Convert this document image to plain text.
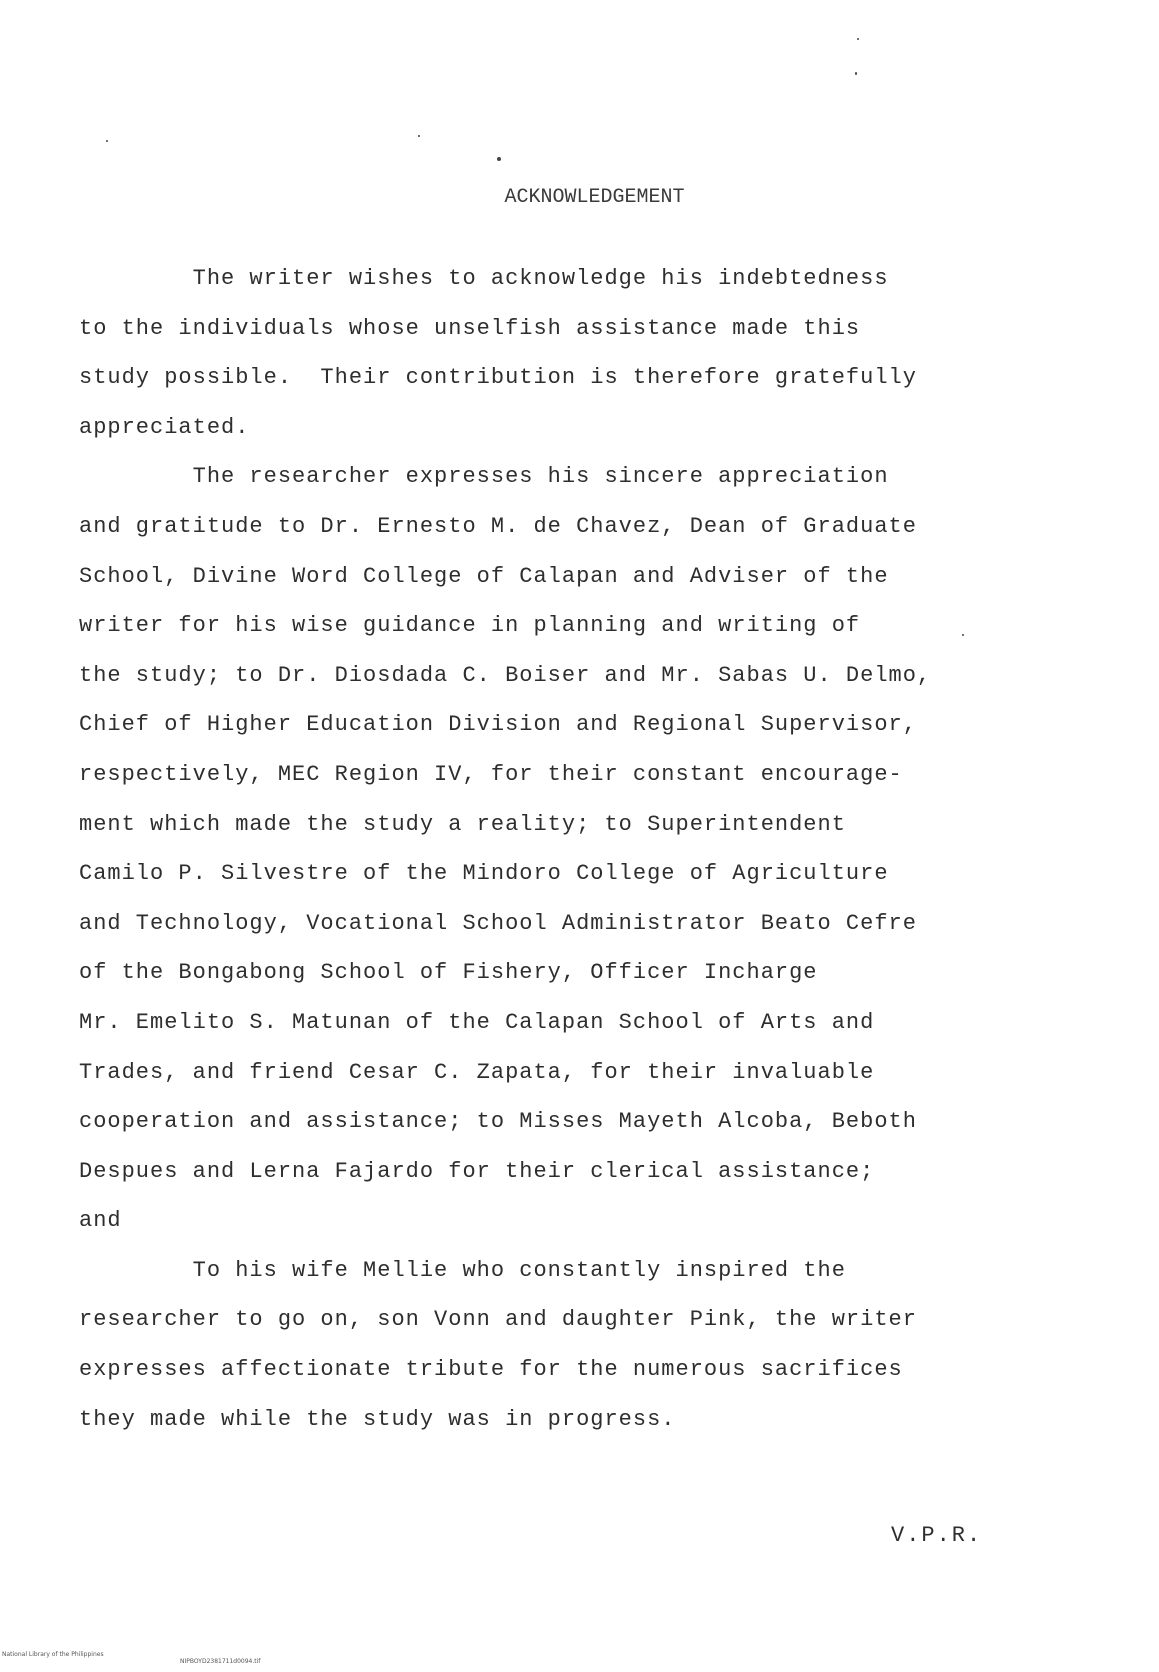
ACKNOWLEDGEMENT
The writer wishes to acknowledge his indebtedness
to the individuals whose unselfish assistance made this
study possible.  Their contribution is therefore gratefully
appreciated.
The researcher expresses his sincere appreciation
and gratitude to Dr. Ernesto M. de Chavez, Dean of Graduate
School, Divine Word College of Calapan and Adviser of the
writer for his wise guidance in planning and writing of
the study; to Dr. Diosdada C. Boiser and Mr. Sabas U. Delmo,
Chief of Higher Education Division and Regional Supervisor,
respectively, MEC Region IV, for their constant encourage-
ment which made the study a reality; to Superintendent
Camilo P. Silvestre of the Mindoro College of Agriculture
and Technology, Vocational School Administrator Beato Cefre
of the Bongabong School of Fishery, Officer Incharge
Mr. Emelito S. Matunan of the Calapan School of Arts and
Trades, and friend Cesar C. Zapata, for their invaluable
cooperation and assistance; to Misses Mayeth Alcoba, Beboth
Despues and Lerna Fajardo for their clerical assistance;
and
To his wife Mellie who constantly inspired the
researcher to go on, son Vonn and daughter Pink, the writer
expresses affectionate tribute for the numerous sacrifices
they made while the study was in progress.
V.P.R.

National Library of the Philippines

NIPBOYD2381711d0094.tif
